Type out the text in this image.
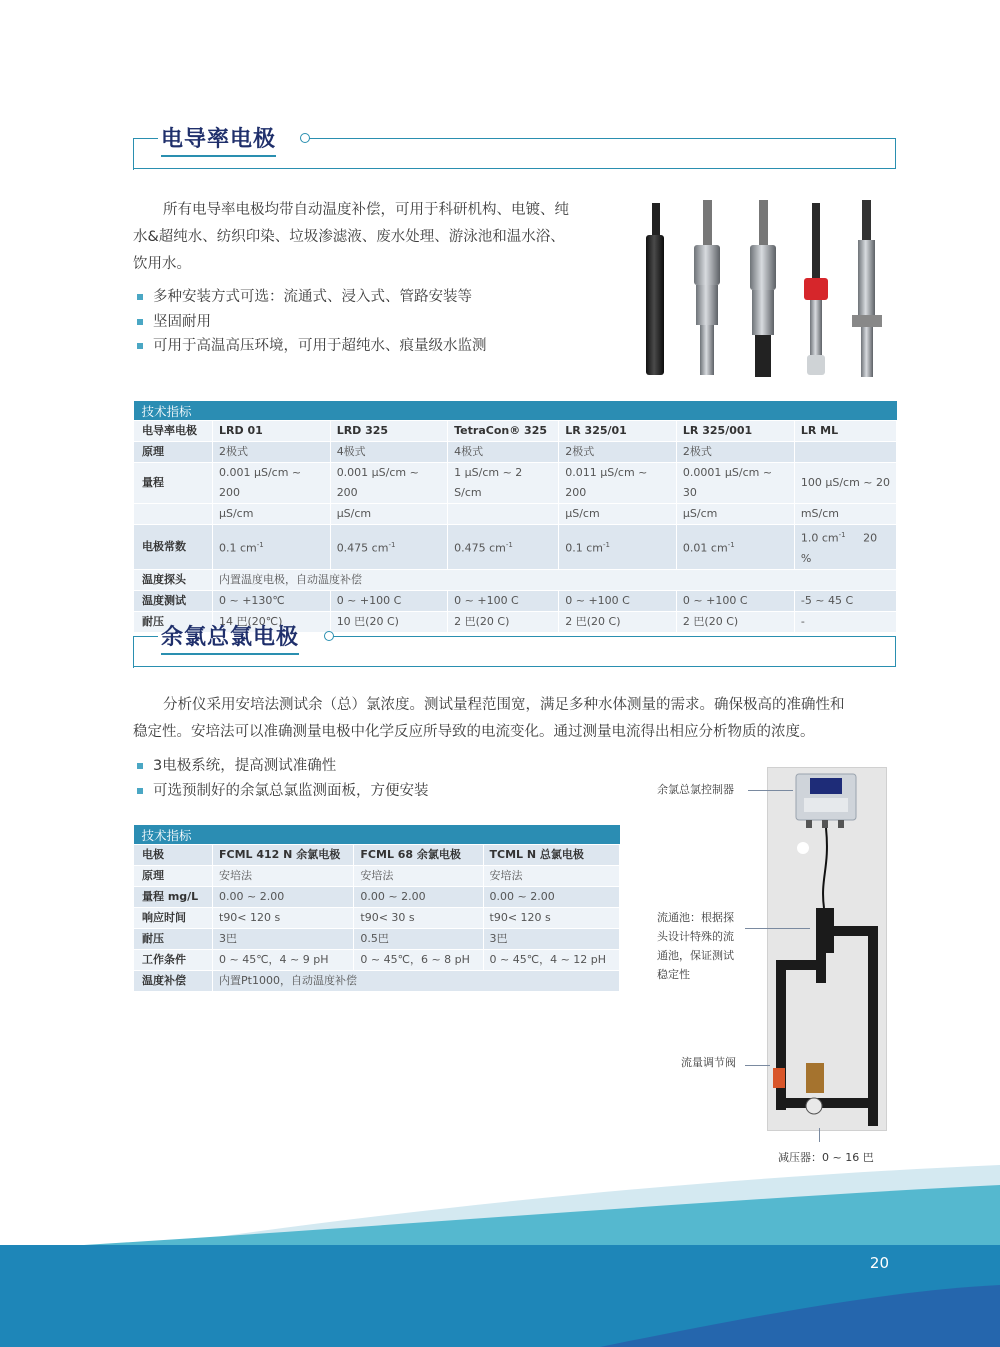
电导率电极
所有电导率电极均带自动温度补偿，可用于科研机构、电镀、纯
水&超纯水、纺织印染、垃圾渗滤液、废水处理、游泳池和温水浴、
饮用水。
多种安装方式可选：流通式、浸入式、管路安装等
坚固耐用
可用于高温高压环境，可用于超纯水、痕量级水监测
技术指标						
电导率电极	LRD 01	LRD 325	TetraCon® 325	LR 325/01	LR 325/001	LR ML
原理	2极式	4极式	4极式	2极式	2极式	
量程	0.001 µS/cm ~ 200	0.001 µS/cm ~ 200	1 µS/cm ~ 2 S/cm	0.011 µS/cm ~ 200	0.0001 µS/cm ~ 30	100 µS/cm ~ 20
	µS/cm	µS/cm		µS/cm	µS/cm	mS/cm
电极常数	0.1 $cm^{-1}$	0.475 $cm^{-1}$	0.475 $cm^{-1}$	0.1 $cm^{-1}$	0.01 $cm^{-1}$	1.0 $cm^{-1}$ 20 %
温度探头	内置温度电极，自动温度补偿					
温度测试	0 ~ +130℃	0 ~ +100 C	0 ~ +100 C	0 ~ +100 C	0 ~ +100 C	-5 ~ 45 C
耐压	14 巴(20℃)	10 巴(20 C)	2 巴(20 C)	2 巴(20 C)	2 巴(20 C)	-
余氯总氯电极
分析仪采用安培法测试余（总）氯浓度。测试量程范围宽，满足多种水体测量的需求。确保极高的准确性和
稳定性。安培法可以准确测量电极中化学反应所导致的电流变化。通过测量电流得出相应分析物质的浓度。
3电极系统，提高测试准确性
可选预制好的余氯总氯监测面板，方便安装
技术指标			
电极	FCML 412 N 余氯电极	FCML 68 余氯电极	TCML N 总氯电极
原理	安培法	安培法	安培法
量程 mg/L	0.00 ~ 2.00	0.00 ~ 2.00	0.00 ~ 2.00
响应时间	t90< 120 s	t90< 30 s	t90< 120 s
耐压	3巴	0.5巴	3巴
工作条件	0 ~ 45℃，4 ~ 9 pH	0 ~ 45℃，6 ~ 8 pH	0 ~ 45℃，4 ~ 12 pH
温度补偿	内置Pt1000，自动温度补偿		
余氯总氯控制器
流通池：根据探
头设计特殊的流
通池，保证测试
稳定性
流量调节阀
减压器：0 ~ 16 巴
20
